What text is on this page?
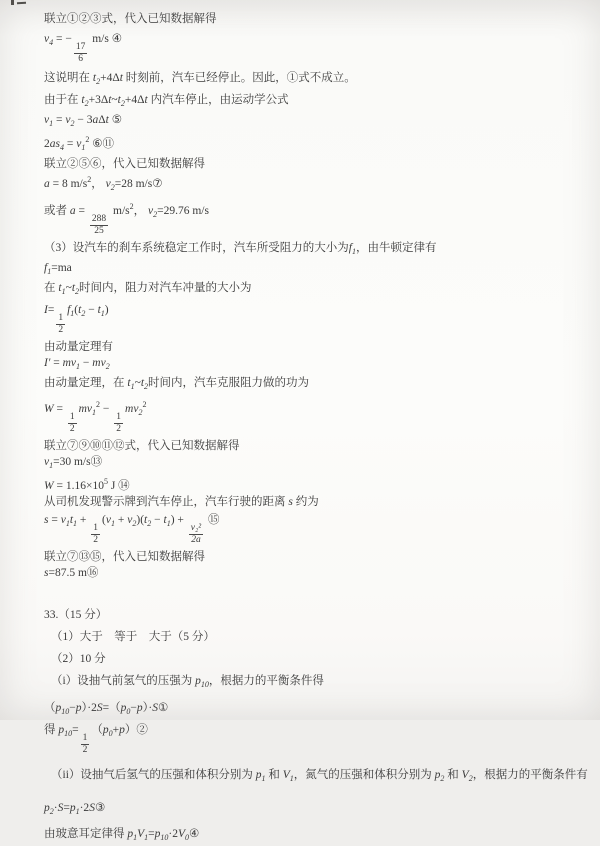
联立①②③式，代入已知数据解得
$v_4$ = −
$\frac{17}{6}$
m/s ④
这说明在 $t_2+4\Delta t$ 时刻前，汽车已经停止。因此，①式不成立。
由于在 $t_2+3\Delta t\sim t_2+4\Delta t$ 内汽车停止，由运动学公式
$v_1 = v_2 - 3a\Delta t$ ⑤
$2as_4 = v_1^2$ ⑥⑪
联立②⑤⑥，代入已知数据解得
a = 8 $m/s^2$， $v_2=28$ m/s⑦
或者 a =
$\frac{288}{25}$
$m/s^2$， $v_2=29.76$ m/s
（3）设汽车的刹车系统稳定工作时，汽车所受阻力的大小为$f_1$，由牛顿定律有
$f_1=ma$
在 $t_1\sim t_2$时间内，阻力对汽车冲量的大小为
I=
$\frac{1}{2}$
$f_1(t_2 - t_1)$
由动量定理有
$I' = mv_1 - mv_2$
由动量定理，在 $t_1\sim t_2$时间内，汽车克服阻力做的功为
W =
$\frac{1}{2}$
$mv_1^2$ −
$\frac{1}{2}$
$mv_2^2$
联立⑦⑨⑩⑪⑫式，代入已知数据解得
$v_1=30$ m/s⑬
$W = 1.16\times 10^5$ J ⑭
从司机发现警示牌到汽车停止，汽车行驶的距离 s 约为
$s = v_1t_1$ +
$\frac{1}{2}$
$(v_1 + v_2)(t_2 - t_1)$ +
$\frac{\text{v₂²}}{2a}$
⑮
联立⑦⑬⑮，代入已知数据解得
s=87.5 m⑯
33.（15 分）
（1）大于　等于　大于（5 分）
（2）10 分
（i）设抽气前氢气的压强为 $p_{10}$，根据力的平衡条件得
$(p_{10}-p)\cdot 2S=(p_0-p)\cdot S①$
得 $p_{10}=$
$\frac{1}{2}$
$(p_0+p)②$
（ii）设抽气后氢气的压强和体积分别为 $p_1$ 和 $V_1$，氮气的压强和体积分别为 $p_2$ 和 $V_2$，根据力的平衡条件有
$p_2\cdot S=p_1\cdot 2S③$
由玻意耳定律得 $p_1V_1=p_{10}\cdot 2V_0④$
